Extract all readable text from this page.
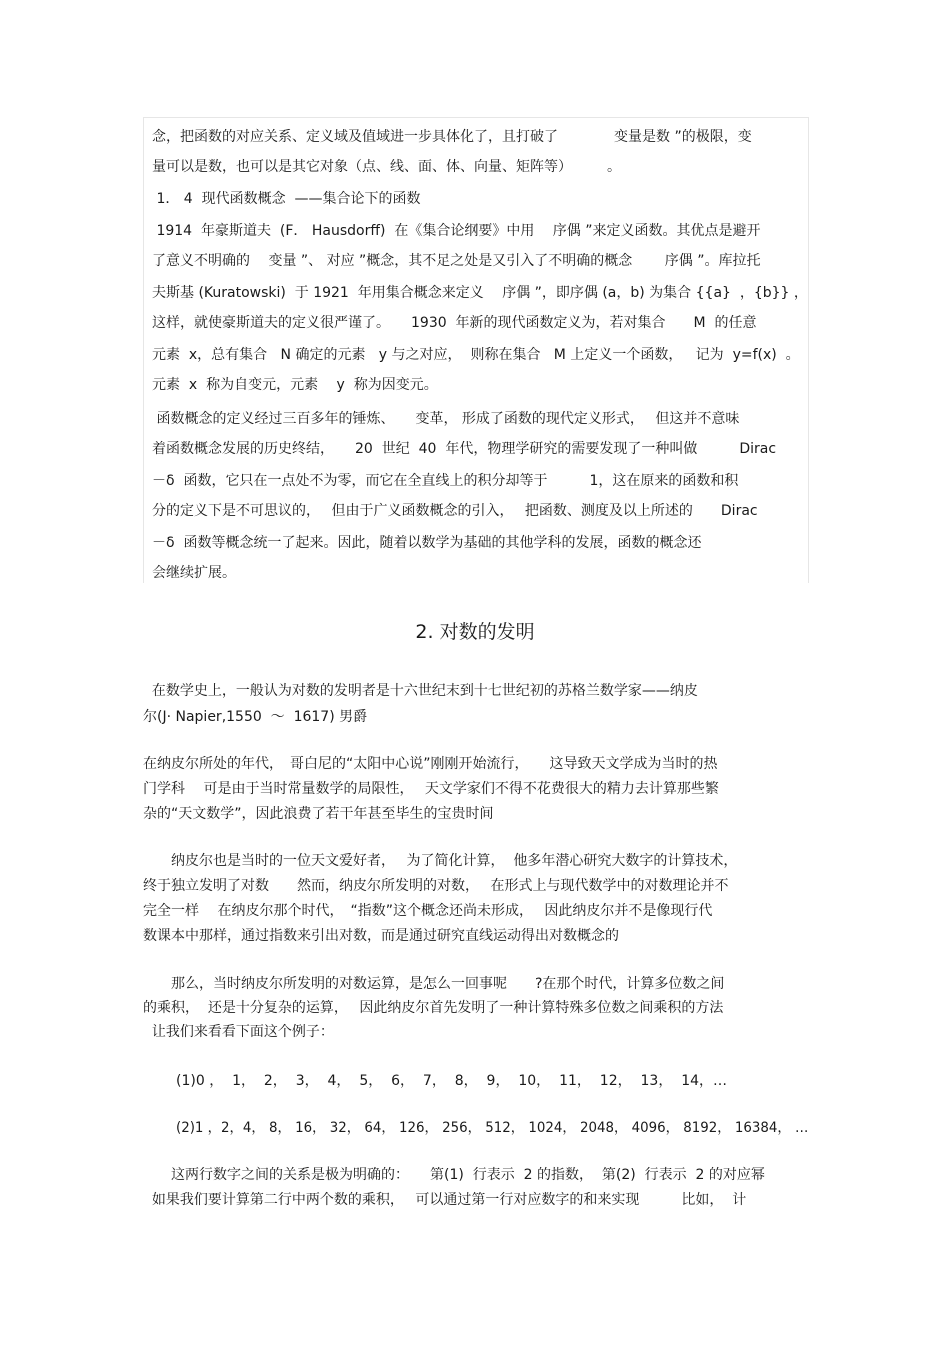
念，把函数的对应关系、定义域及值域进一步具体化了，且打破了　　　　变量是数 ”的极限，变
量可以是数，也可以是其它对象（点、线、面、体、向量、矩阵等）　　　。
1． 4  现代函数概念  ——集合论下的函数
1914  年豪斯道夫  (F． Hausdorff)  在《集合论纲要》中用　 序偶 ”来定义函数。其优点是避开
了意义不明确的　 变量 ”、 对应 ”概念，其不足之处是又引入了不明确的概念　　 序偶 ”。库拉托
夫斯基 (Kuratowski)  于 1921  年用集合概念来定义　 序偶 ”，即序偶 (a，b) 为集合 {{a}  ，{b}} ，
这样，就使豪斯道夫的定义很严谨了。　　1930  年新的现代函数定义为，若对集合　　M  的任意
元素  x，总有集合   N 确定的元素   y 与之对应，  则称在集合   M 上定义一个函数，   记为  y=f(x)  。
元素  x  称为自变元，元素　 y  称为因变元。
函数概念的定义经过三百多年的锤炼、　　变革， 形成了函数的现代定义形式，　 但这并不意味
着函数概念发展的历史终结，　　20  世纪  40  年代，物理学研究的需要发现了一种叫做　　　Dirac
－δ  函数，它只在一点处不为零，而它在全直线上的积分却等于　　　1，这在原来的函数和积
分的定义下是不可思议的，　 但由于广义函数概念的引入，　 把函数、测度及以上所述的　　Dirac
－δ  函数等概念统一了起来。因此，随着以数学为基础的其他学科的发展，函数的概念还
会继续扩展。
2. 对数的发明
在数学史上，一般认为对数的发明者是十六世纪末到十七世纪初的苏格兰数学家——纳皮
尔(J· Napier,1550  ～  1617) 男爵
在纳皮尔所处的年代，　哥白尼的“太阳中心说”刚刚开始流行，　　这导致天文学成为当时的热
门学科　 可是由于当时常量数学的局限性，　 天文学家们不得不花费很大的精力去计算那些繁
杂的“天文数学”，因此浪费了若干年甚至毕生的宝贵时间
　　纳皮尔也是当时的一位天文爱好者，　 为了简化计算，  他多年潜心研究大数字的计算技术，
终于独立发明了对数　　然而，纳皮尔所发明的对数，　 在形式上与现代数学中的对数理论并不
完全一样　 在纳皮尔那个时代，　“指数”这个概念还尚未形成，　 因此纳皮尔并不是像现行代
数课本中那样，通过指数来引出对数，而是通过研究直线运动得出对数概念的
　　那么，当时纳皮尔所发明的对数运算，是怎么一回事呢　　?在那个时代，计算多位数之间
的乘积，  还是十分复杂的运算，　 因此纳皮尔首先发明了一种计算特殊多位数之间乘积的方法
让我们来看看下面这个例子：
(1)0 ，  1，  2，  3，  4，  5，  6，  7，  8，  9，  10，  11，  12，  13，  14，…
(2)1 ，2，4， 8， 16， 32， 64， 126， 256， 512， 1024， 2048， 4096， 8192， 16384， …
　　这两行数字之间的关系是极为明确的：　　第(1)  行表示  2 的指数，  第(2)  行表示  2 的对应幂
如果我们要计算第二行中两个数的乘积，　 可以通过第一行对应数字的和来实现　　　比如，  计
